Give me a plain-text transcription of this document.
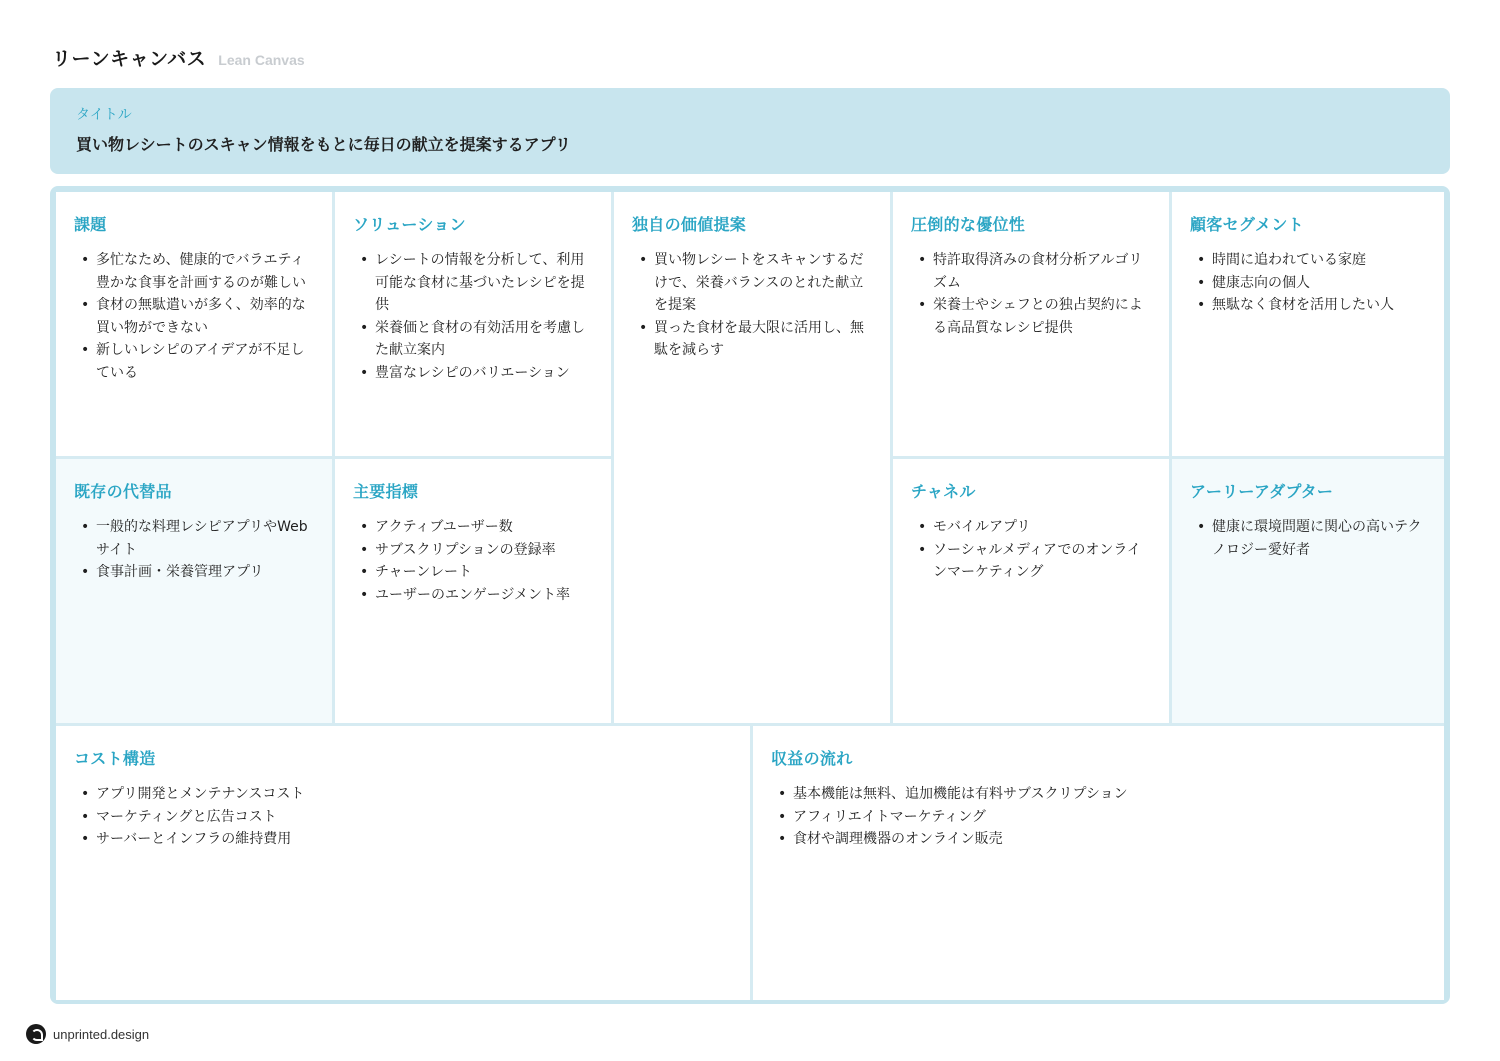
リーンキャンバス Lean Canvas
タイトル
買い物レシートのスキャン情報をもとに毎日の献立を提案するアプリ
課題
• 多忙なため、健康的でバラエティ豊かな食事を計画するのが難しい
• 食材の無駄遣いが多く、効率的な買い物ができない
• 新しいレシピのアイデアが不足している
既存の代替品
• 一般的な料理レシピアプリやWebサイト
• 食事計画・栄養管理アプリ
ソリューション
• レシートの情報を分析して、利用可能な食材に基づいたレシピを提供
• 栄養価と食材の有効活用を考慮した献立案内
• 豊富なレシピのバリエーション
主要指標
• アクティブユーザー数
• サブスクリプションの登録率
• チャーンレート
• ユーザーのエンゲージメント率
独自の価値提案
• 買い物レシートをスキャンするだけで、栄養バランスのとれた献立を提案
• 買った食材を最大限に活用し、無駄を減らす
圧倒的な優位性
• 特許取得済みの食材分析アルゴリズム
• 栄養士やシェフとの独占契約による高品質なレシピ提供
チャネル
• モバイルアプリ
• ソーシャルメディアでのオンラインマーケティング
顧客セグメント
• 時間に追われている家庭
• 健康志向の個人
• 無駄なく食材を活用したい人
アーリーアダプター
• 健康に環境問題に関心の高いテクノロジー愛好者
コスト構造
• アプリ開発とメンテナンスコスト
• マーケティングと広告コスト
• サーバーとインフラの維持費用
収益の流れ
• 基本機能は無料、追加機能は有料サブスクリプション
• アフィリエイトマーケティング
• 食材や調理機器のオンライン販売
unprinted.design
